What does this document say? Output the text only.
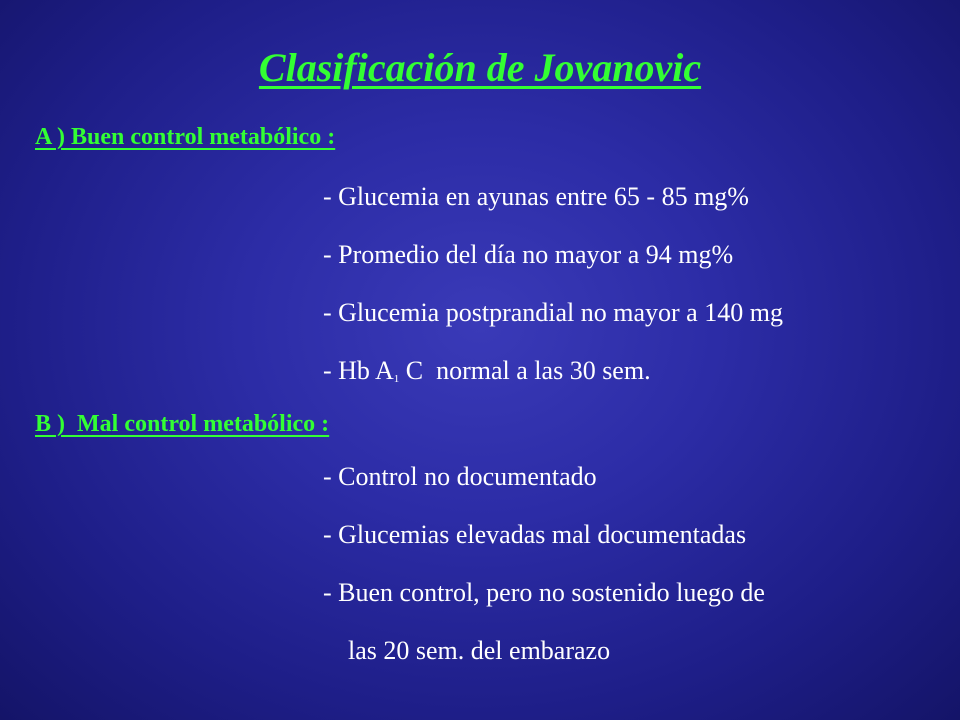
Clasificación de Jovanovic
A ) Buen control metabólico :
- Glucemia en ayunas entre 65 - 85 mg%
- Promedio del día no mayor a 94 mg%
- Glucemia postprandial no mayor a 140 mg
- Hb $A_1$ C  normal a las 30 sem.
B )  Mal control metabólico :
- Control no documentado
- Glucemias elevadas mal documentadas
- Buen control, pero no sostenido luego de
las 20 sem. del embarazo
